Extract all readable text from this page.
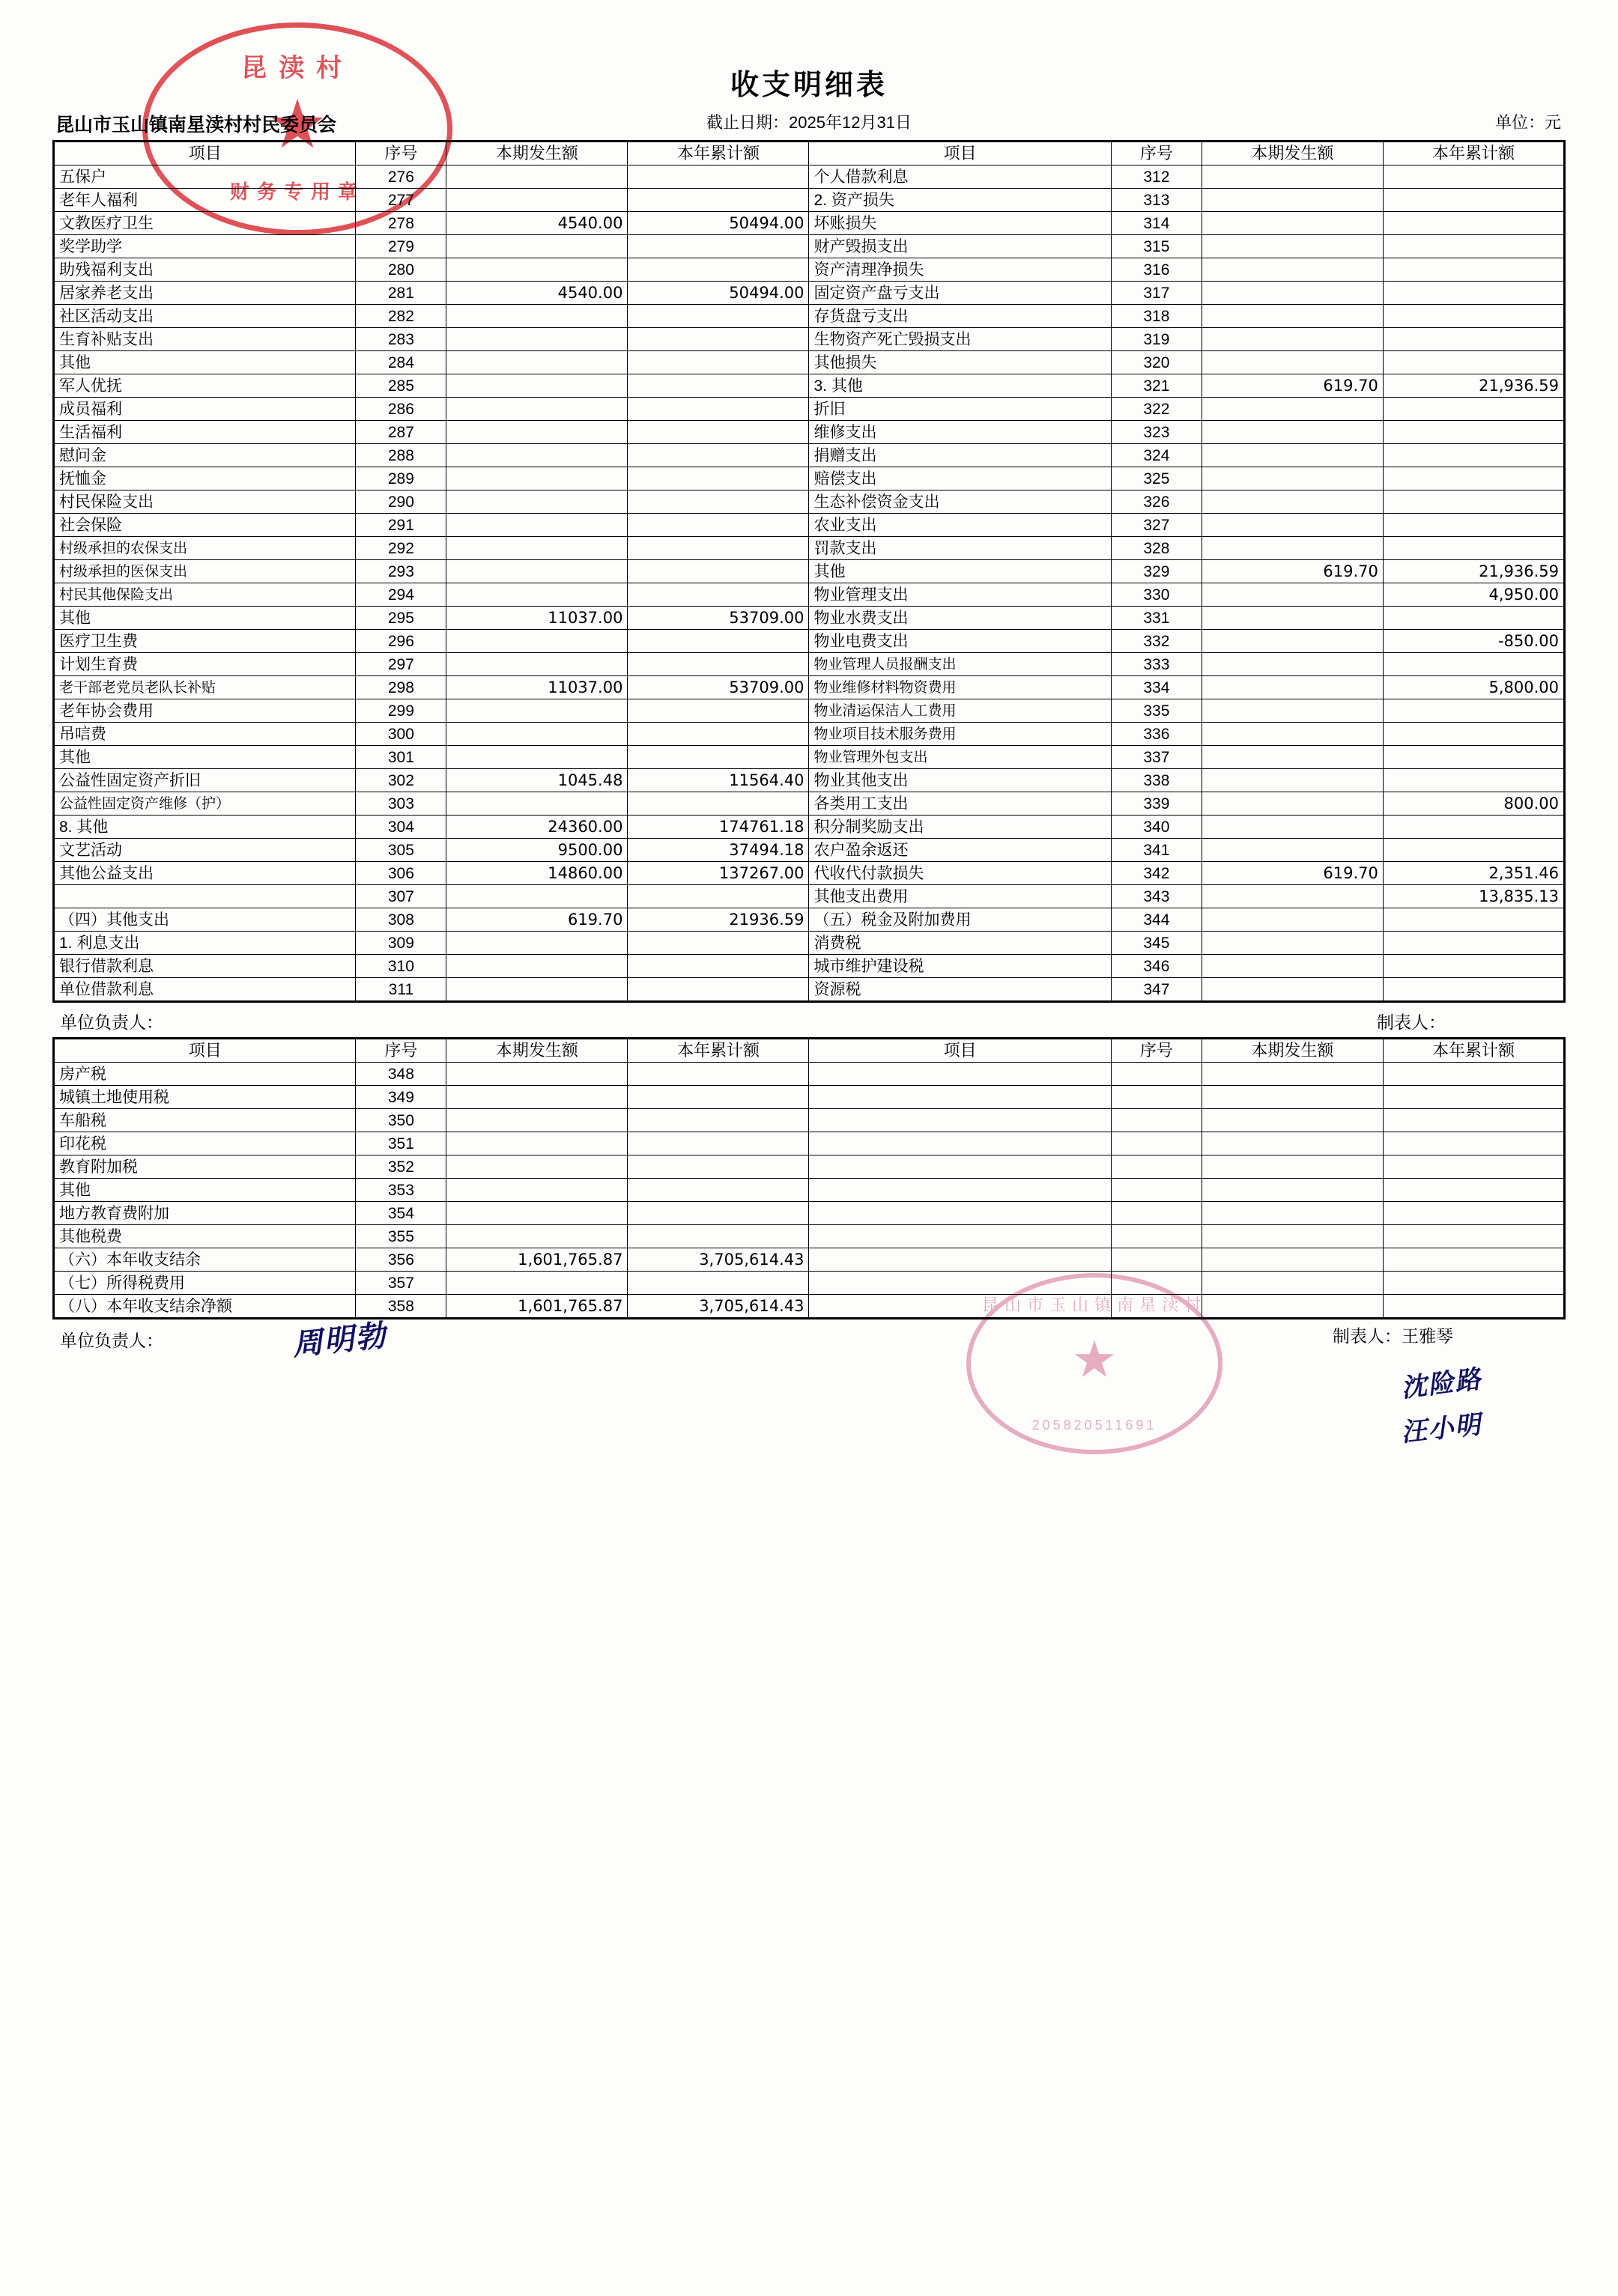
昆渎村
★
财务专用章
昆山市玉山镇南星渎村
★
205820511691
收支明细表
昆山市玉山镇南星渎村村民委员会	截止日期：2025年12月31日	单位：元
项目	序号	本期发生额	本年累计额	项目	序号	本期发生额	本年累计额
五保户	276			个人借款利息	312		
老年人福利	277			2. 资产损失	313		
文教医疗卫生	278	4540.00	50494.00	坏账损失	314		
奖学助学	279			财产毁损支出	315		
助残福利支出	280			资产清理净损失	316		
居家养老支出	281	4540.00	50494.00	固定资产盘亏支出	317		
社区活动支出	282			存货盘亏支出	318		
生育补贴支出	283			生物资产死亡毁损支出	319		
其他	284			其他损失	320		
军人优抚	285			3. 其他	321	619.70	21,936.59
成员福利	286			折旧	322		
生活福利	287			维修支出	323		
慰问金	288			捐赠支出	324		
抚恤金	289			赔偿支出	325		
村民保险支出	290			生态补偿资金支出	326		
社会保险	291			农业支出	327		
村级承担的农保支出	292			罚款支出	328		
村级承担的医保支出	293			其他	329	619.70	21,936.59
村民其他保险支出	294			物业管理支出	330		4,950.00
其他	295	11037.00	53709.00	物业水费支出	331		
医疗卫生费	296			物业电费支出	332		-850.00
计划生育费	297			物业管理人员报酬支出	333		
老干部老党员老队长补贴	298	11037.00	53709.00	物业维修材料物资费用	334		5,800.00
老年协会费用	299			物业清运保洁人工费用	335		
吊唁费	300			物业项目技术服务费用	336		
其他	301			物业管理外包支出	337		
公益性固定资产折旧	302	1045.48	11564.40	物业其他支出	338		
公益性固定资产维修（护）	303			各类用工支出	339		800.00
8. 其他	304	24360.00	174761.18	积分制奖励支出	340		
文艺活动	305	9500.00	37494.18	农户盈余返还	341		
其他公益支出	306	14860.00	137267.00	代收代付款损失	342	619.70	2,351.46
	307			其他支出费用	343		13,835.13
（四）其他支出	308	619.70	21936.59	（五）税金及附加费用	344		
1. 利息支出	309			消费税	345		
银行借款利息	310			城市维护建设税	346		
单位借款利息	311			资源税	347		
单位负责人：	制表人：
项目	序号	本期发生额	本年累计额	项目	序号	本期发生额	本年累计额
房产税	348						
城镇土地使用税	349						
车船税	350						
印花税	351						
教育附加税	352						
其他	353						
地方教育费附加	354						
其他税费	355						
（六）本年收支结余	356	1,601,765.87	3,705,614.43				
（七）所得税费用	357						
（八）本年收支结余净额	358	1,601,765.87	3,705,614.43				
单位负责人：	周明勃	制表人：王雅琴
沈险路
汪小明
